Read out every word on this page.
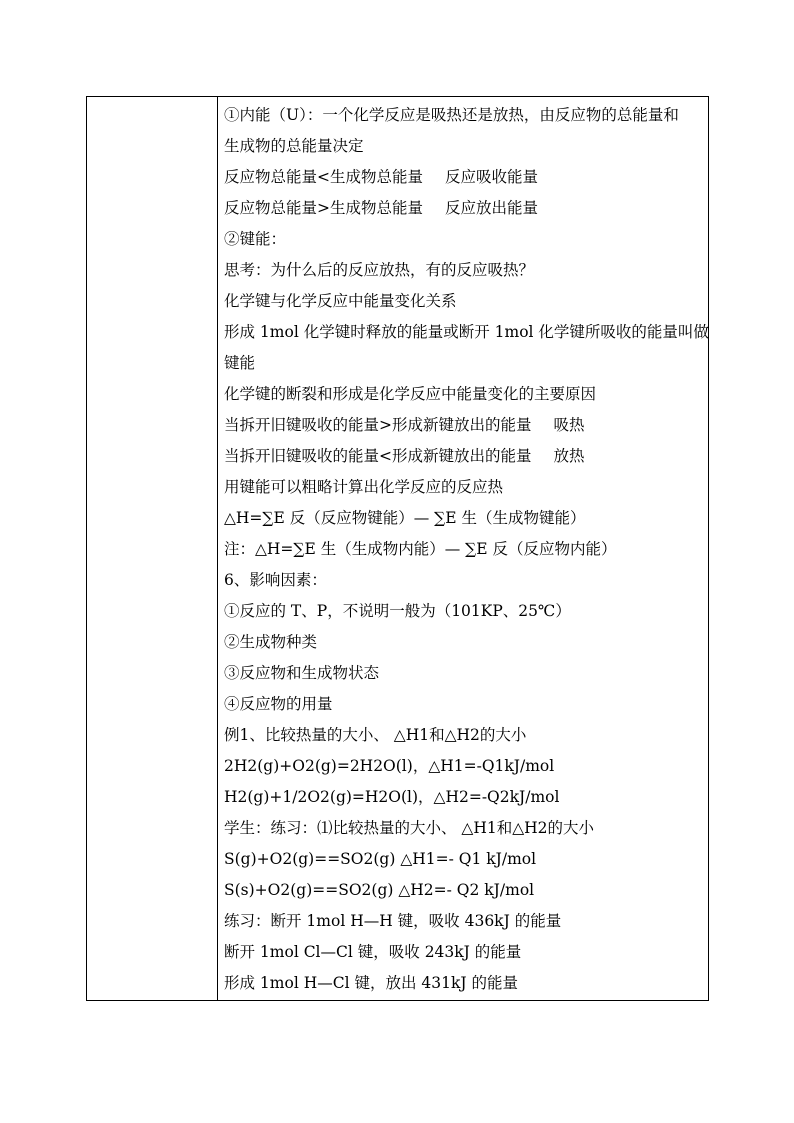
①内能（U）：一个化学反应是吸热还是放热，由反应物的总能量和
生成物的总能量决定
反应物总能量<生成物总能量 反应吸收能量
反应物总能量>生成物总能量 反应放出能量
②键能：
思考：为什么后的反应放热，有的反应吸热？
化学键与化学反应中能量变化关系
形成 1mol 化学键时释放的能量或断开 1mol 化学键所吸收的能量叫做
键能
化学键的断裂和形成是化学反应中能量变化的主要原因
当拆开旧键吸收的能量>形成新键放出的能量 吸热
当拆开旧键吸收的能量<形成新键放出的能量 放热
用键能可以粗略计算出化学反应的反应热
△H=∑E 反（反应物键能）— ∑E 生（生成物键能）
注：△H=∑E 生（生成物内能）— ∑E 反（反应物内能）
6、影响因素：
①反应的 T、P，不说明一般为（101KP、25℃）
②生成物种类
③反应物和生成物状态
④反应物的用量
例1、比较热量的大小、 △H1和△H2的大小
2H2(g)+O2(g)=2H2O(l)，△H1=-Q1kJ/mol
H2(g)+1/2O2(g)=H2O(l)，△H2=-Q2kJ/mol
学生：练习：⑴比较热量的大小、 △H1和△H2的大小
S(g)+O2(g)==SO2(g) △H1=- Q1 kJ/mol
S(s)+O2(g)==SO2(g) △H2=- Q2 kJ/mol
练习：断开 1mol H—H 键，吸收 436kJ 的能量
断开 1mol Cl—Cl 键，吸收 243kJ 的能量
形成 1mol H—Cl 键，放出 431kJ 的能量
